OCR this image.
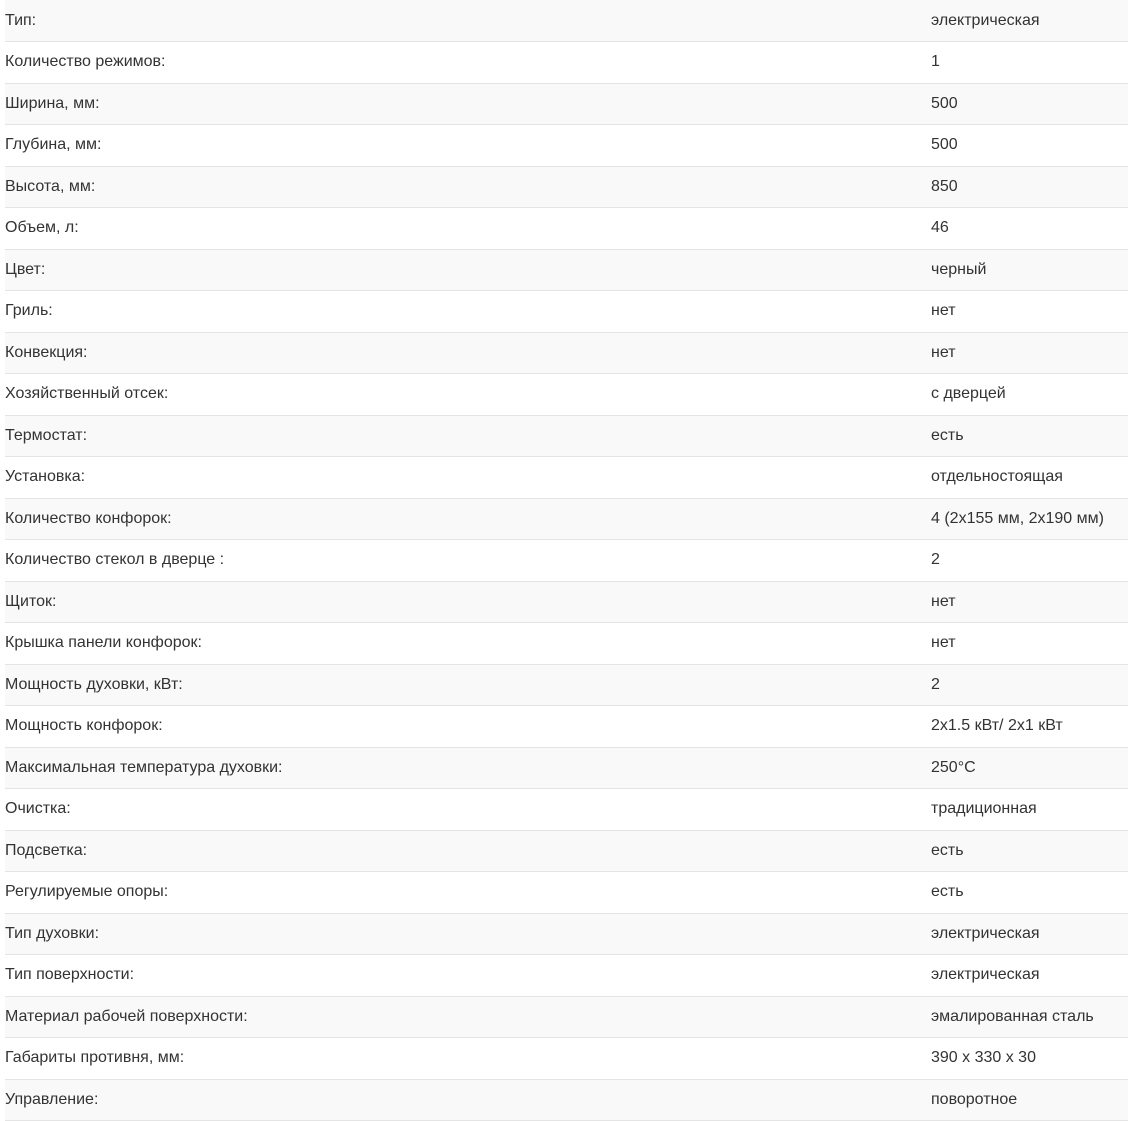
Тип:	электрическая
Количество режимов:	1
Ширина, мм:	500
Глубина, мм:	500
Высота, мм:	850
Объем, л:	46
Цвет:	черный
Гриль:	нет
Конвекция:	нет
Хозяйственный отсек:	с дверцей
Термостат:	есть
Установка:	отдельностоящая
Количество конфорок:	4 (2х155 мм, 2х190 мм)
Количество стекол в дверце :	2
Щиток:	нет
Крышка панели конфорок:	нет
Мощность духовки, кВт:	2
Мощность конфорок:	2х1.5 кВт/ 2х1 кВт
Максимальная температура духовки:	250°С
Очистка:	традиционная
Подсветка:	есть
Регулируемые опоры:	есть
Тип духовки:	электрическая
Тип поверхности:	электрическая
Материал рабочей поверхности:	эмалированная сталь
Габариты противня, мм:	390 х 330 х 30
Управление:	поворотное
